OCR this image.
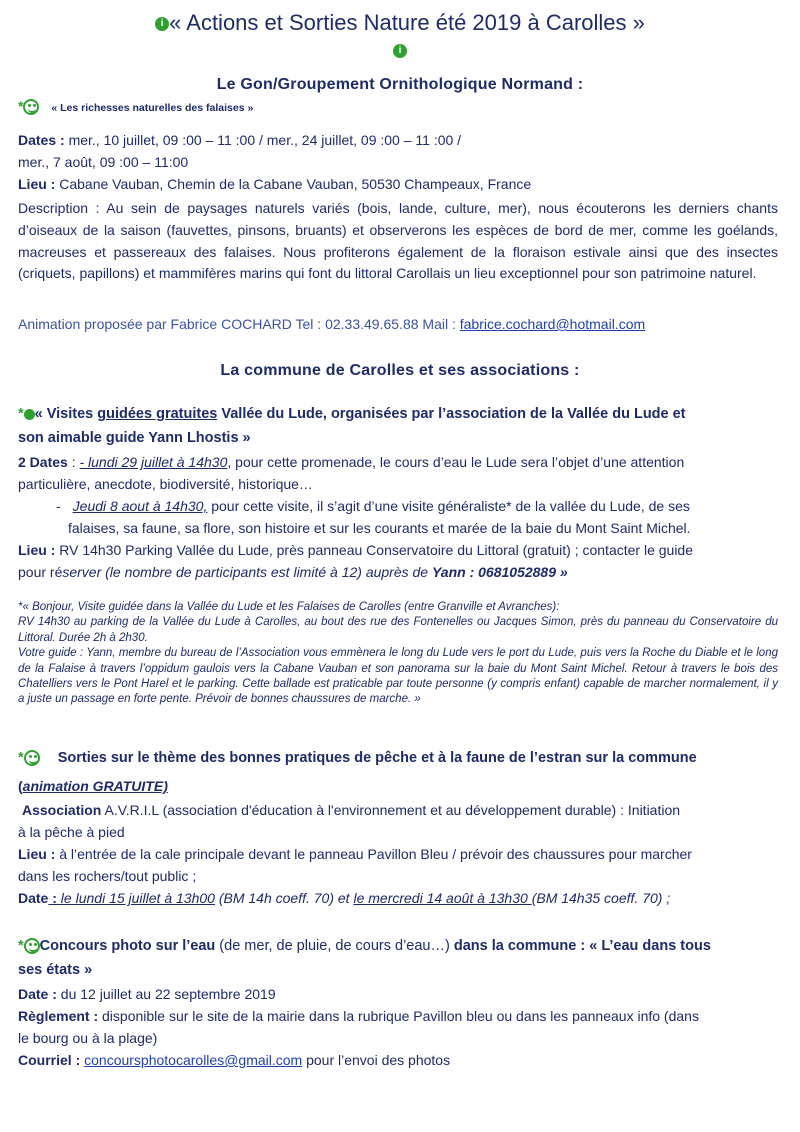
i « Actions et Sorties Nature été 2019 à Carolles »
i
Le Gon/Groupement Ornithologique Normand :
*	« Les richesses naturelles des falaises »
Dates : mer., 10 juillet, 09 :00 – 11 :00 / mer., 24 juillet, 09 :00 – 11 :00 /
mer., 7 août, 09 :00 – 11:00
Lieu : Cabane Vauban, Chemin de la Cabane Vauban, 50530 Champeaux, France
Description : Au sein de paysages naturels variés (bois, lande, culture, mer), nous écouterons les derniers chants d’oiseaux de la saison (fauvettes, pinsons, bruants) et observerons les espèces de bord de mer, comme les goélands, macreuses et passereaux des falaises. Nous profiterons également de la floraison estivale ainsi que des insectes (criquets, papillons) et mammifères marins qui font du littoral Carollais un lieu exceptionnel pour son patrimoine naturel.
Animation proposée par Fabrice COCHARD Tel : 02.33.49.65.88 Mail : fabrice.cochard@hotmail.com
La commune de Carolles et ses associations :
* « Visites guidées gratuites Vallée du Lude, organisées par l’association de la Vallée du Lude et
son aimable guide Yann Lhostis »
2 Dates : - lundi 29 juillet à 14h30, pour cette promenade, le cours d’eau le Lude sera l’objet d’une attention
particulière, anecdote, biodiversité, historique…
- Jeudi 8 aout à 14h30, pour cette visite, il s’agit d’une visite généraliste* de la vallée du Lude, de ses
falaises, sa faune, sa flore, son histoire et sur les courants et marée de la baie du Mont Saint Michel.
Lieu : RV 14h30 Parking Vallée du Lude, près panneau Conservatoire du Littoral (gratuit) ; contacter le guide
pour réserver (le nombre de participants est limité à 12) auprès de Yann : 0681052889 »
*« Bonjour, Visite guidée dans la Vallée du Lude et les Falaises de Carolles (entre Granville et Avranches):
RV 14h30 au parking de la Vallée du Lude à Carolles, au bout des rue des Fontenelles ou Jacques Simon, près du panneau du Conservatoire du Littoral. Durée 2h à 2h30.
Votre guide : Yann, membre du bureau de l’Association vous emmènera le long du Lude vers le port du Lude, puis vers la Roche du Diable et le long de la Falaise à travers l’oppidum gaulois vers la Cabane Vauban et son panorama sur la baie du Mont Saint Michel. Retour à travers le bois des Chatelliers vers le Pont Harel et le parking. Cette ballade est praticable par toute personne (y compris enfant) capable de marcher normalement, il y a juste un passage en forte pente. Prévoir de bonnes chaussures de marche. »
* Sorties sur le thème des bonnes pratiques de pêche et à la faune de l’estran sur la commune
(animation GRATUITE)
Association A.V.R.I.L (association d'éducation à l'environnement et au développement durable) : Initiation
à la pêche à pied
Lieu : à l’entrée de la cale principale devant le panneau Pavillon Bleu / prévoir des chaussures pour marcher
dans les rochers/tout public ;
Date : le lundi 15 juillet à 13h00 (BM 14h coeff. 70) et le mercredi 14 août à 13h30 (BM 14h35 coeff. 70) ;
* Concours photo sur l’eau (de mer, de pluie, de cours d’eau…) dans la commune : « L’eau dans tous
ses états »
Date : du 12 juillet au 22 septembre 2019
Règlement : disponible sur le site de la mairie dans la rubrique Pavillon bleu ou dans les panneaux info (dans
le bourg ou à la plage)
Courriel : concoursphotocarolles@gmail.com pour l’envoi des photos
